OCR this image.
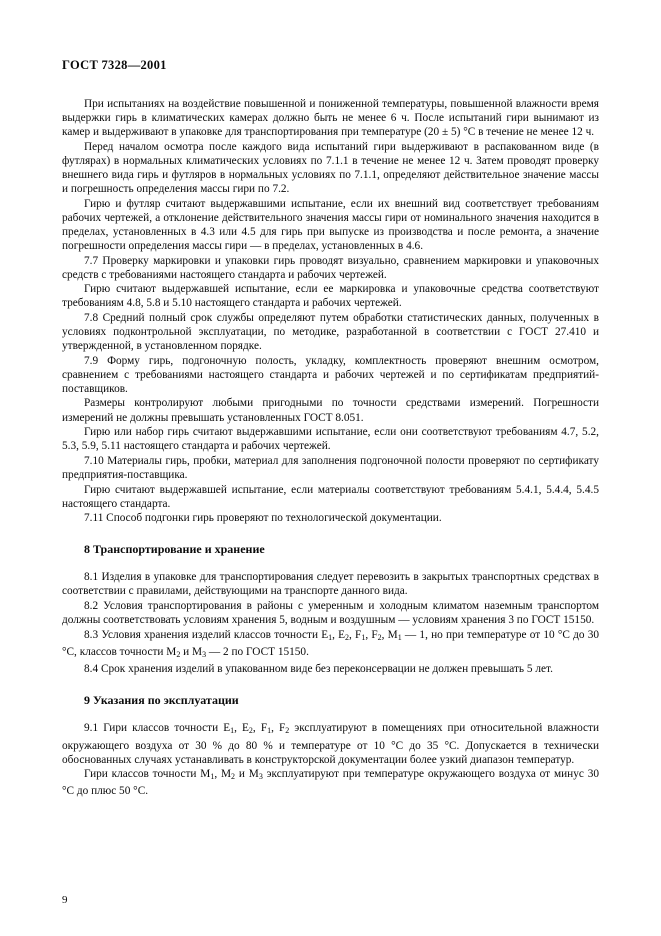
ГОСТ 7328—2001

При испытаниях на воздействие повышенной и пониженной температуры, повышенной влажности время выдержки гирь в климатических камерах должно быть не менее 6 ч. После испытаний гири вынимают из камер и выдерживают в упаковке для транспортирования при температуре (20 ± 5) °С в течение не менее 12 ч.

Перед началом осмотра после каждого вида испытаний гири выдерживают в распакованном виде (в футлярах) в нормальных климатических условиях по 7.1.1 в течение не менее 12 ч. Затем проводят проверку внешнего вида гирь и футляров в нормальных условиях по 7.1.1, определяют действительное значение массы и погрешность определения массы гири по 7.2.

Гирю и футляр считают выдержавшими испытание, если их внешний вид соответствует требованиям рабочих чертежей, а отклонение действительного значения массы гири от номинального значения находится в пределах, установленных в 4.3 или 4.5 для гирь при выпуске из производства и после ремонта, а значение погрешности определения массы гири — в пределах, установленных в 4.6.

7.7 Проверку маркировки и упаковки гирь проводят визуально, сравнением маркировки и упаковочных средств с требованиями настоящего стандарта и рабочих чертежей.

Гирю считают выдержавшей испытание, если ее маркировка и упаковочные средства соответствуют требованиям 4.8, 5.8 и 5.10 настоящего стандарта и рабочих чертежей.

7.8 Средний полный срок службы определяют путем обработки статистических данных, полученных в условиях подконтрольной эксплуатации, по методике, разработанной в соответствии с ГОСТ 27.410 и утвержденной, в установленном порядке.

7.9 Форму гирь, подгоночную полость, укладку, комплектность проверяют внешним осмотром, сравнением с требованиями настоящего стандарта и рабочих чертежей и по сертификатам предприятий-поставщиков.

Размеры контролируют любыми пригодными по точности средствами измерений. Погрешности измерений не должны превышать установленных ГОСТ 8.051.

Гирю или набор гирь считают выдержавшими испытание, если они соответствуют требованиям 4.7, 5.2, 5.3, 5.9, 5.11 настоящего стандарта и рабочих чертежей.

7.10 Материалы гирь, пробки, материал для заполнения подгоночной полости проверяют по сертификату предприятия-поставщика.

Гирю считают выдержавшей испытание, если материалы соответствуют требованиям 5.4.1, 5.4.4, 5.4.5 настоящего стандарта.

7.11 Способ подгонки гирь проверяют по технологической документации.

8 Транспортирование и хранение

8.1 Изделия в упаковке для транспортирования следует перевозить в закрытых транспортных средствах в соответствии с правилами, действующими на транспорте данного вида.

8.2 Условия транспортирования в районы с умеренным и холодным климатом наземным транспортом должны соответствовать условиям хранения 5, водным и воздушным — условиям хранения 3 по ГОСТ 15150.

8.3 Условия хранения изделий классов точности $Е_1$, $Е_2$, $F_1$, $F_2$, $М_1$ — 1, но при температуре от 10 °С до 30 °С, классов точности $М_2$ и $М_3$ — 2 по ГОСТ 15150.

8.4 Срок хранения изделий в упакованном виде без переконсервации не должен превышать 5 лет.

9 Указания по эксплуатации

9.1 Гири классов точности $Е_1$, $Е_2$, $F_1$, $F_2$ эксплуатируют в помещениях при относительной влажности окружающего воздуха от 30 % до 80 % и температуре от 10 °С до 35 °С. Допускается в технически обоснованных случаях устанавливать в конструкторской документации более узкий диапазон температур.

Гири классов точности $М_1$, $М_2$ и $М_3$ эксплуатируют при температуре окружающего воздуха от минус 30 °С до плюс 50 °С.

9
